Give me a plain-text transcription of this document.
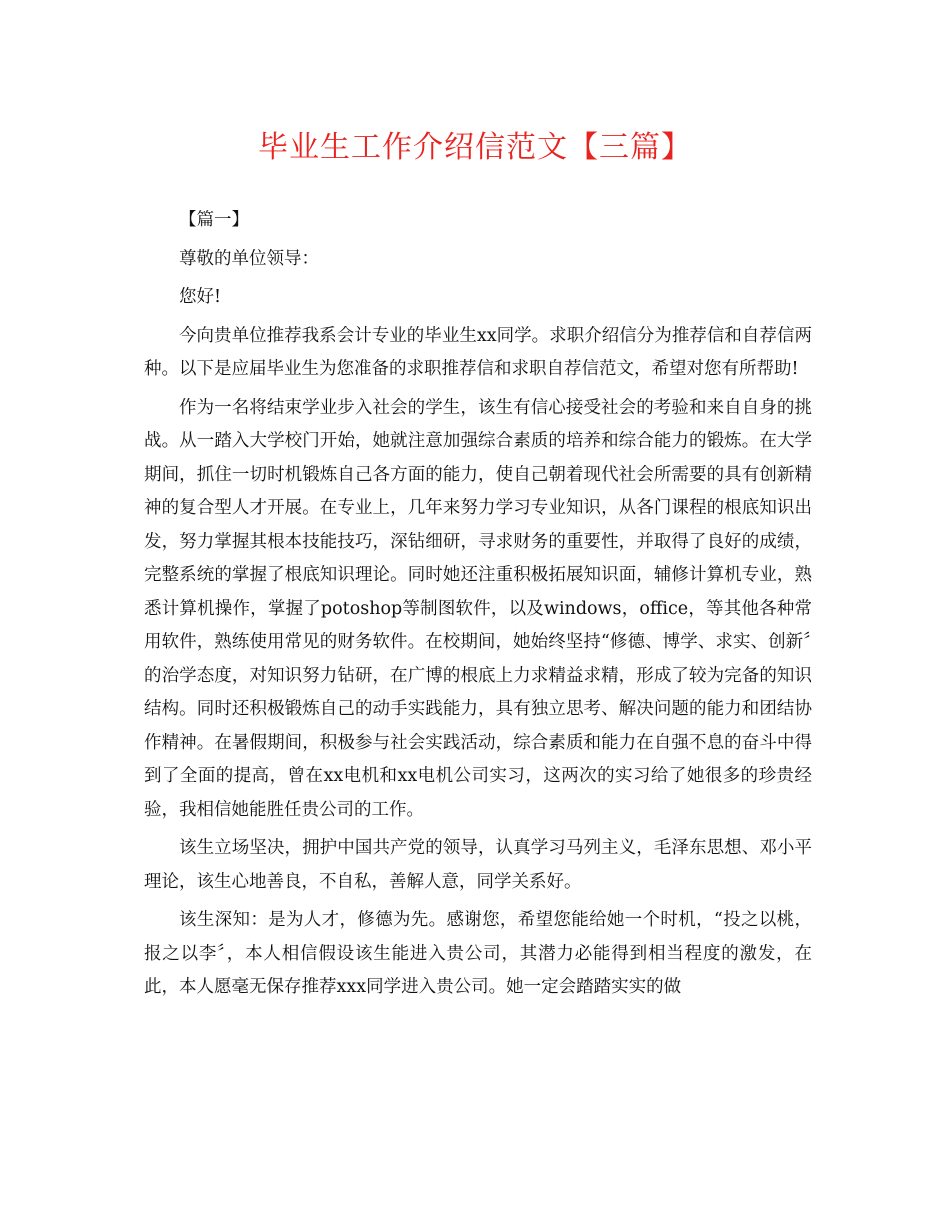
毕业生工作介绍信范文【三篇】

【篇一】

尊敬的单位领导：

您好!

今向贵单位推荐我系会计专业的毕业生xx同学。求职介绍信分为推荐信和自荐信两种。以下是应届毕业生为您准备的求职推荐信和求职自荐信范文，希望对您有所帮助!

作为一名将结束学业步入社会的学生，该生有信心接受社会的考验和来自自身的挑战。从一踏入大学校门开始，她就注意加强综合素质的培养和综合能力的锻炼。在大学期间，抓住一切时机锻炼自己各方面的能力，使自己朝着现代社会所需要的具有创新精神的复合型人才开展。在专业上，几年来努力学习专业知识，从各门课程的根底知识出发，努力掌握其根本技能技巧，深钻细研，寻求财务的重要性，并取得了良好的成绩，完整系统的掌握了根底知识理论。同时她还注重积极拓展知识面，辅修计算机专业，熟悉计算机操作，掌握了potoshop等制图软件，以及windows，office，等其他各种常用软件，熟练使用常见的财务软件。在校期间，她始终坚持“修德、博学、求实、创新〞的治学态度，对知识努力钻研，在广博的根底上力求精益求精，形成了较为完备的知识结构。同时还积极锻炼自己的动手实践能力，具有独立思考、解决问题的能力和团结协作精神。在暑假期间，积极参与社会实践活动，综合素质和能力在自强不息的奋斗中得到了全面的提高，曾在xx电机和xx电机公司实习，这两次的实习给了她很多的珍贵经验，我相信她能胜任贵公司的工作。

该生立场坚决，拥护中国共产党的领导，认真学习马列主义，毛泽东思想、邓小平理论，该生心地善良，不自私，善解人意，同学关系好。

该生深知：是为人才，修德为先。感谢您，希望您能给她一个时机，“投之以桃，报之以李〞，本人相信假设该生能进入贵公司，其潜力必能得到相当程度的激发，在此，本人愿毫无保存推荐xxx同学进入贵公司。她一定会踏踏实实的做
